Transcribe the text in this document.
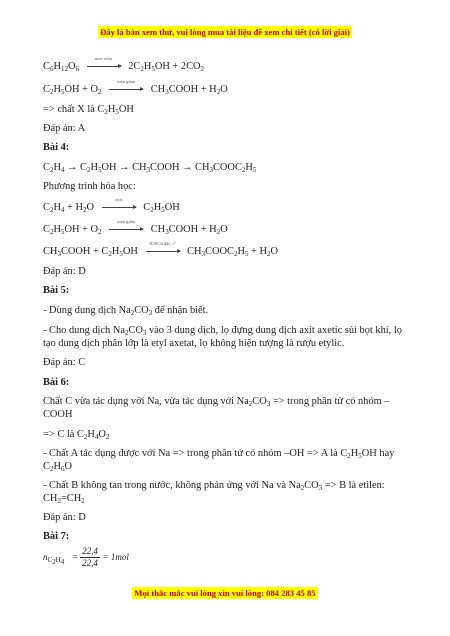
Đây là bản xem thử, vui lòng mua tài liệu để xem chi tiết (có lời giải)
$C_6H_{12}O_6$
men rượu
$2C_2H_5OH + 2CO_2$
$C_2H_5OH + O_2$
men giấm
$CH_3COOH + H_2O$
=> chất X là $C_2H_5OH$
Đáp án: A
Bài 4:
$C_2H_4 \to C_2H_5OH$ → $CH_3COOH$ → $CH_3COOC_2H_5$
Phương trình hóa học:
$C_2H_4 + H_2O$
axit
$C_2H_5OH$
$C_2H_5OH + O_2$
men giấm
$CH_3COOH + H_2O$
$CH_3COOH + C_2H_5OH$
H2SO4 đặc, t°
$CH_3COOC_2H_5 + H_2O$
Đáp án: D
Bài 5:
- Dùng dung dịch $Na_2CO_3$ để nhận biết.
- Cho dung dịch $Na_2CO_3$ vào 3 dung dịch, lọ đựng dung dịch axit axetic sủi bọt khí, lọ tạo dung dịch phân lớp là etyl axetat, lọ không hiện tượng là rượu etylic.
Đáp án: C
Bài 6:
Chất C vừa tác dụng với Na, vừa tác dụng với $Na_2CO_3$ => trong phân tử có nhóm –COOH
=> C là $C_2H_4O_2$
- Chất A tác dụng được với Na => trong phân tử có nhóm –OH => A là $C_2H_5OH$ hay $C_2H_6O$
- Chất B không tan trong nước, không phản ứng với Na và $Na_2CO_3 => B$ là etilen: $CH_2=CH_2$
Đáp án: D
Bài 7:
$n_{C_2H_4} = \frac{22,4}{22,4} = 1mol$
Mọi thắc mắc vui lòng xin vui lòng: 084 283 45 85
